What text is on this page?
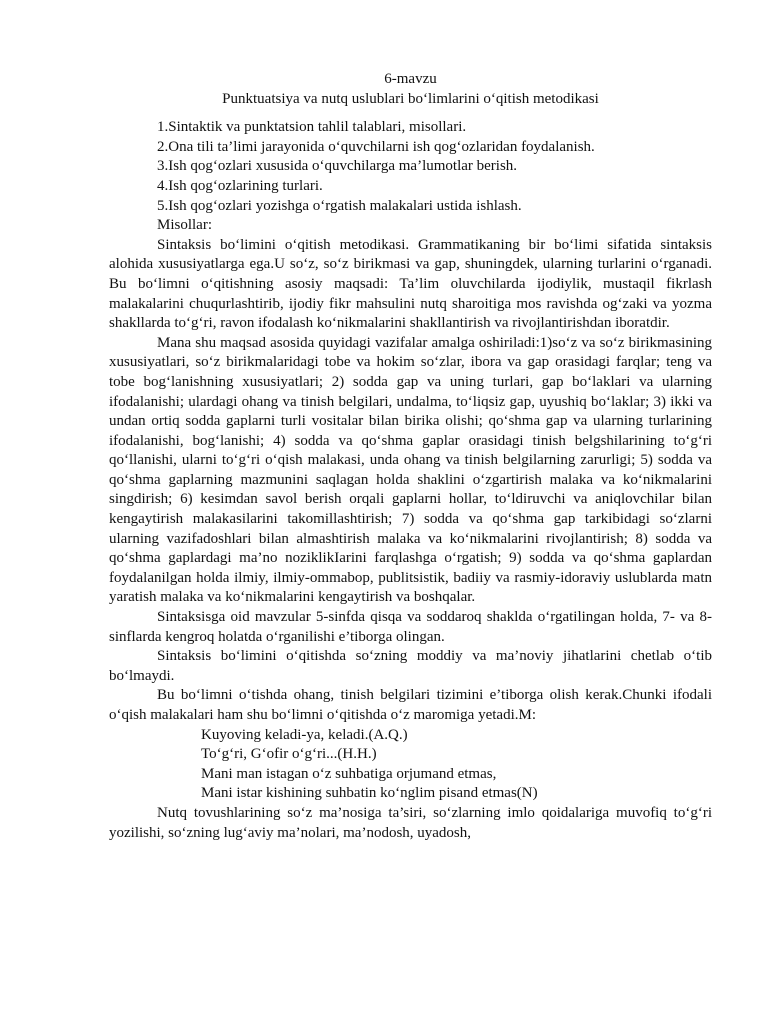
6-mavzu

Punktuatsiya va nutq uslublari bo‘limlarini o‘qitish metodikasi

1.Sintaktik va punktatsion tahlil talablari, misollari.

2.Ona tili ta’limi jarayonida o‘quvchilarni ish qog‘ozlaridan foydalanish.

3.Ish qog‘ozlari xususida o‘quvchilarga ma’lumotlar berish.

4.Ish qog‘ozlarining turlari.

5.Ish qog‘ozlari yozishga o‘rgatish malakalari ustida ishlash.

Misollar:

Sintaksis bo‘limini o‘qitish metodikasi. Grammatikaning bir bo‘limi sifatida sintaksis alohida xususiyatlarga ega.U so‘z, so‘z birikmasi va gap, shuningdek, ularning turlarini o‘rganadi. Bu bo‘limni o‘qitishning asosiy maqsadi: Ta’lim oluvchilarda ijodiylik, mustaqil fikrlash malakalarini chuqurlashtirib, ijodiy fikr mahsulini nutq sharoitiga mos ravishda og‘zaki va yozma shakllarda to‘g‘ri, ravon ifodalash ko‘nikmalarini shakllantirish va rivojlantirishdan iboratdir.

Mana shu maqsad asosida quyidagi vazifalar amalga oshiriladi:1)so‘z va so‘z birikmasining xususiyatlari, so‘z birikmalaridagi tobe va hokim so‘zlar, ibora va gap orasidagi farqlar; teng va tobe bog‘lanishning xususiyatlari; 2) sodda gap va uning turlari, gap bo‘laklari va ularning ifodalanishi; ulardagi ohang va tinish belgilari, undalma, to‘liqsiz gap, uyushiq bo‘laklar; 3) ikki va undan ortiq sodda gaplarni turli vositalar bilan birika olishi; qo‘shma gap va ularning turlarining ifodalanishi, bog‘lanishi; 4) sodda va qo‘shma gaplar orasidagi tinish belgshilarining to‘g‘ri qo‘llanishi, ularni to‘g‘ri o‘qish malakasi, unda ohang va tinish belgilarning zarurligi; 5) sodda va qo‘shma gaplarning mazmunini saqlagan holda shaklini o‘zgartirish malaka va ko‘nikmalarini singdirish; 6) kesimdan savol berish orqali gaplarni hollar, to‘ldiruvchi va aniqlovchilar bilan kengaytirish malakasilarini takomillashtirish; 7) sodda va qo‘shma gap tarkibidagi so‘zlarni ularning vazifadoshlari bilan almashtirish malaka va ko‘nikmalarini rivojlantirish; 8) sodda va qo‘shma gaplardagi ma’no noziklikIarini farqlashga o‘rgatish; 9) sodda va qo‘shma gaplardan foydalanilgan holda ilmiy, ilmiy-ommabop, publitsistik, badiiy va rasmiy-idoraviy uslublarda matn yaratish malaka va ko‘nikmalarini kengaytirish va boshqalar.

Sintaksisga oid mavzular 5-sinfda qisqa va soddaroq shaklda o‘rgatilingan holda, 7- va 8-sinflarda kengroq holatda o‘rganilishi e’tiborga olingan.

Sintaksis bo‘limini o‘qitishda so‘zning moddiy va ma’noviy jihatlarini chetlab o‘tib bo‘lmaydi.

Bu bo‘limni o‘tishda ohang, tinish belgilari tizimini e’tiborga olish kerak.Chunki ifodali o‘qish malakalari ham shu bo‘limni o‘qitishda o‘z maromiga yetadi.M:

Kuyoving keladi-ya, keladi.(A.Q.)

To‘g‘ri, G‘ofir o‘g‘ri...(H.H.)

Mani man istagan o‘z suhbatiga orjumand etmas,

Mani istar kishining suhbatin ko‘nglim pisand etmas(N)

Nutq tovushlarining so‘z ma’nosiga ta’siri, so‘zlarning imlo qoidalariga muvofiq to‘g‘ri yozilishi, so‘zning lug‘aviy ma’nolari, ma’nodosh, uyadosh,
